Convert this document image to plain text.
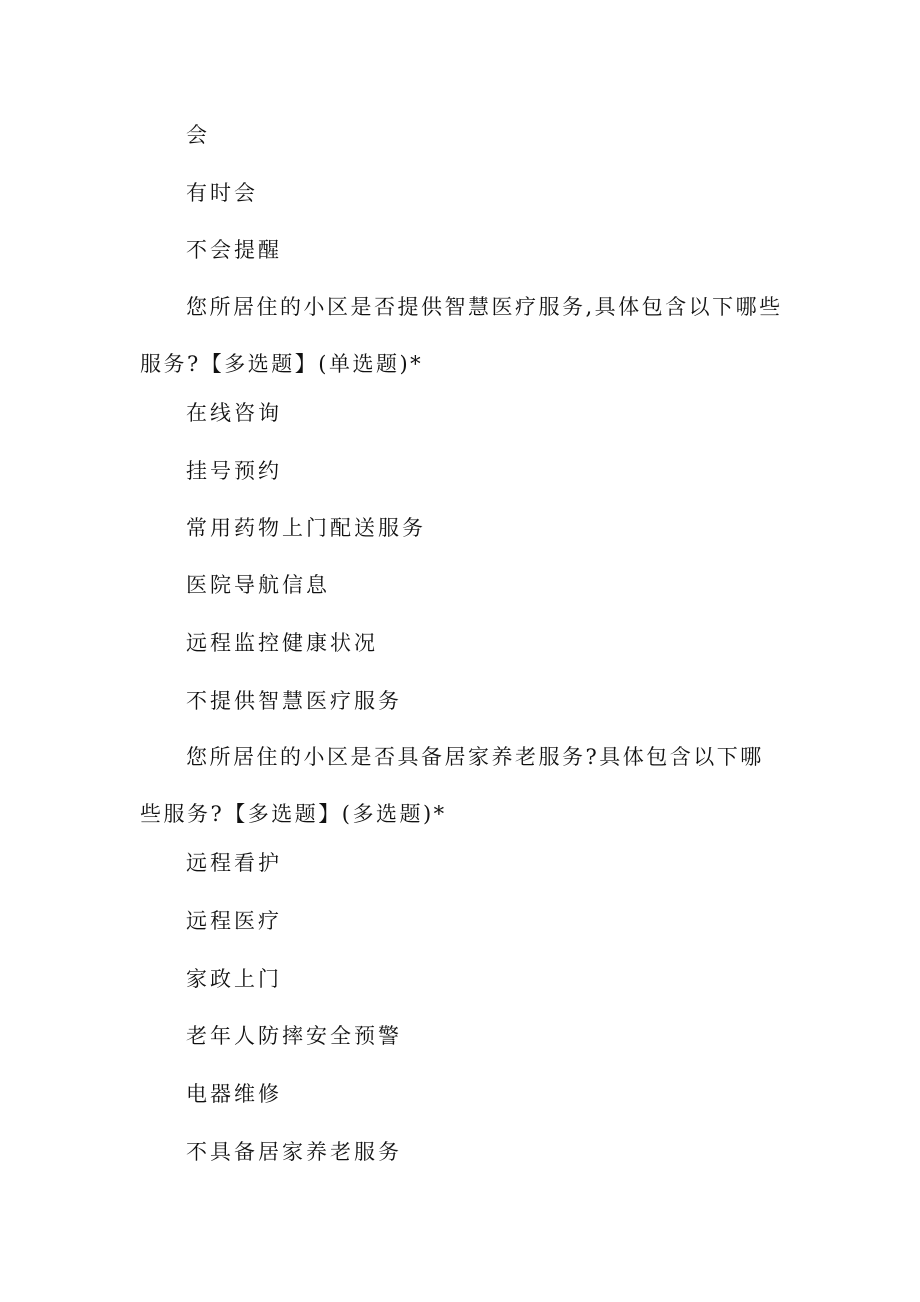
会
有时会
不会提醒
您所居住的小区是否提供智慧医疗服务,具体包含以下哪些服务?【多选题】(单选题)*
在线咨询
挂号预约
常用药物上门配送服务
医院导航信息
远程监控健康状况
不提供智慧医疗服务
您所居住的小区是否具备居家养老服务?具体包含以下哪些服务?【多选题】(多选题)*
远程看护
远程医疗
家政上门
老年人防摔安全预警
电器维修
不具备居家养老服务
